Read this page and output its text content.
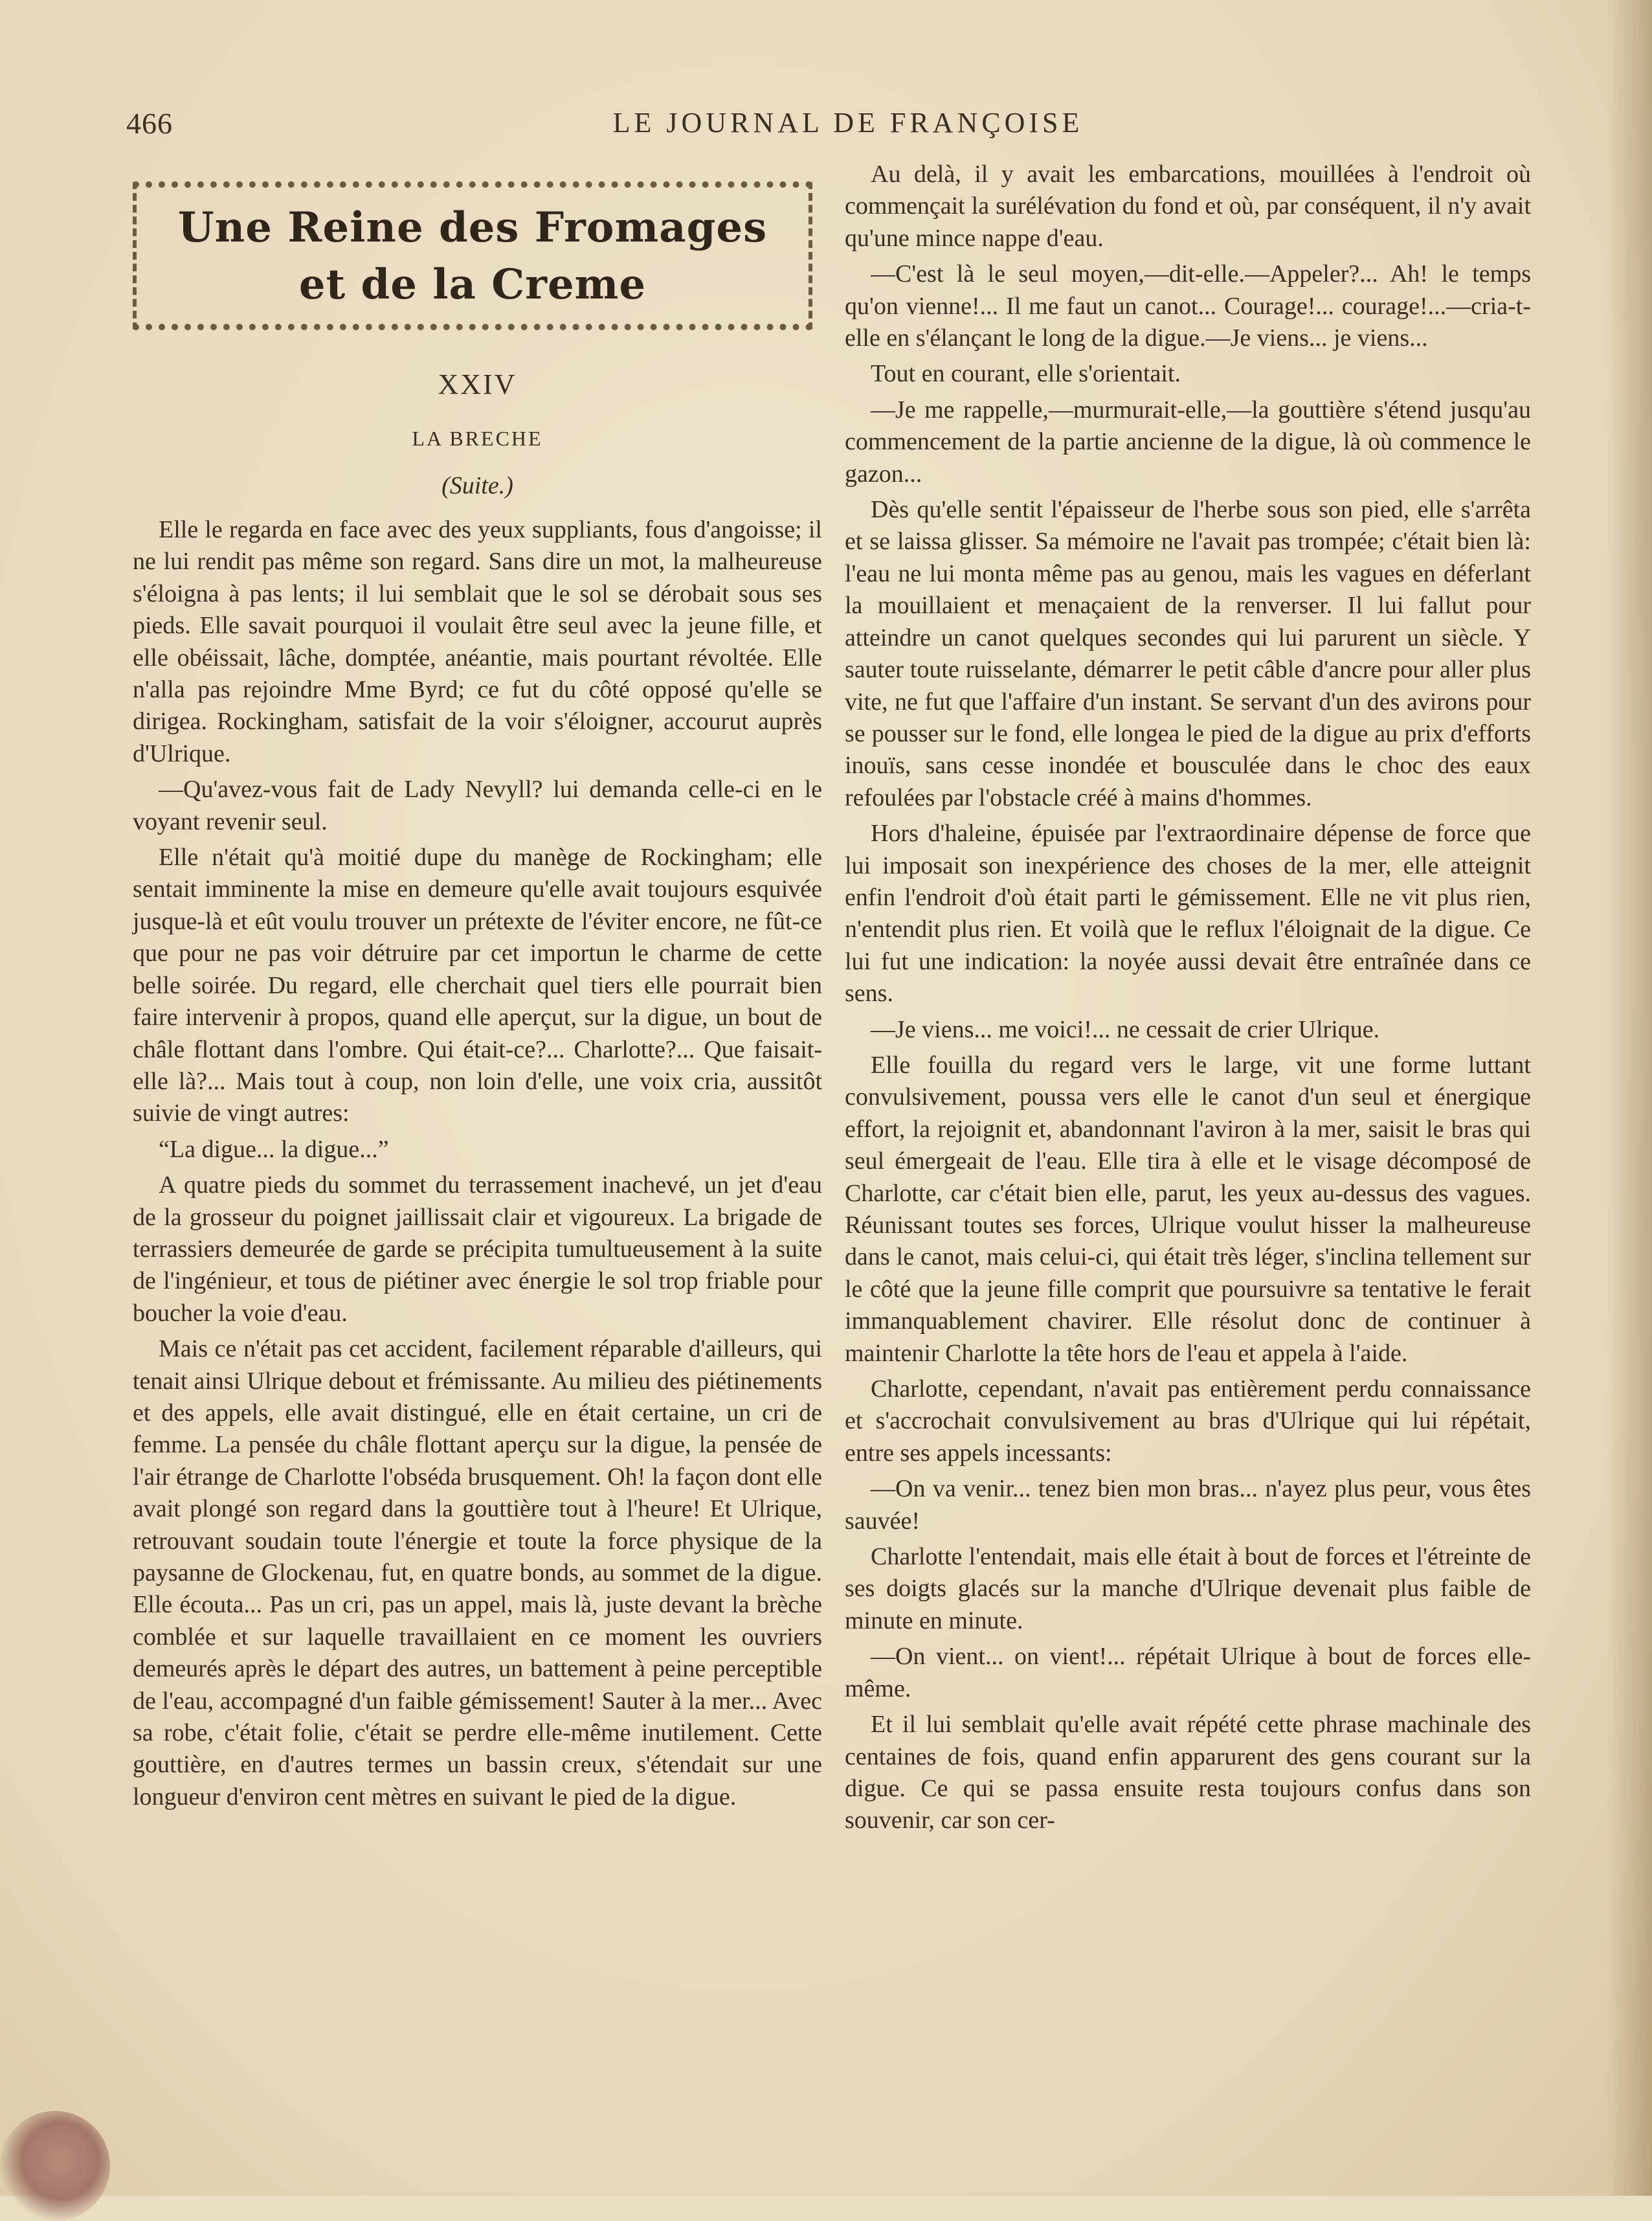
466	LE JOURNAL DE FRANÇOISE
Une Reine des Fromages
et de la Creme
XXIV
LA BRECHE
(Suite.)

Elle le regarda en face avec des yeux suppliants, fous d'angoisse; il ne lui rendit pas même son regard. Sans dire un mot, la malheureuse s'éloigna à pas lents; il lui semblait que le sol se dérobait sous ses pieds. Elle savait pourquoi il voulait être seul avec la jeune fille, et elle obéissait, lâche, domptée, anéantie, mais pourtant révoltée. Elle n'alla pas rejoindre Mme Byrd; ce fut du côté opposé qu'elle se dirigea. Rockingham, satisfait de la voir s'éloigner, accourut auprès d'Ulrique.

—Qu'avez-vous fait de Lady Nevyll? lui demanda celle-ci en le voyant revenir seul.

Elle n'était qu'à moitié dupe du manège de Rockingham; elle sentait imminente la mise en demeure qu'elle avait toujours esquivée jusque-là et eût voulu trouver un prétexte de l'éviter encore, ne fût-ce que pour ne pas voir détruire par cet importun le charme de cette belle soirée. Du regard, elle cherchait quel tiers elle pourrait bien faire intervenir à propos, quand elle aperçut, sur la digue, un bout de châle flottant dans l'ombre. Qui était-ce?... Charlotte?... Que faisait-elle là?... Mais tout à coup, non loin d'elle, une voix cria, aussitôt suivie de vingt autres:

“La digue... la digue...”

A quatre pieds du sommet du terrassement inachevé, un jet d'eau de la grosseur du poignet jaillissait clair et vigoureux. La brigade de terrassiers demeurée de garde se précipita tumultueusement à la suite de l'ingénieur, et tous de piétiner avec énergie le sol trop friable pour boucher la voie d'eau.

Mais ce n'était pas cet accident, facilement réparable d'ailleurs, qui tenait ainsi Ulrique debout et frémissante. Au milieu des piétinements et des appels, elle avait distingué, elle en était certaine, un cri de femme. La pensée du châle flottant aperçu sur la digue, la pensée de l'air étrange de Charlotte l'obséda brusquement. Oh! la façon dont elle avait plongé son regard dans la gouttière tout à l'heure! Et Ulrique, retrouvant soudain toute l'énergie et toute la force physique de la paysanne de Glockenau, fut, en quatre bonds, au sommet de la digue. Elle écouta... Pas un cri, pas un appel, mais là, juste devant la brèche comblée et sur laquelle travaillaient en ce moment les ouvriers demeurés après le départ des autres, un battement à peine perceptible de l'eau, accompagné d'un faible gémissement! Sauter à la mer... Avec sa robe, c'était folie, c'était se perdre elle-même inutilement. Cette gouttière, en d'autres termes un bassin creux, s'étendait sur une longueur d'environ cent mètres en suivant le pied de la digue.

Au delà, il y avait les embarcations, mouillées à l'endroit où commençait la surélévation du fond et où, par conséquent, il n'y avait qu'une mince nappe d'eau.

—C'est là le seul moyen,—dit-elle.—Appeler?... Ah! le temps qu'on vienne!... Il me faut un canot... Courage!... courage!...—cria-t-elle en s'élançant le long de la digue.—Je viens... je viens...

Tout en courant, elle s'orientait.

—Je me rappelle,—murmurait-elle,—la gouttière s'étend jusqu'au commencement de la partie ancienne de la digue, là où commence le gazon...

Dès qu'elle sentit l'épaisseur de l'herbe sous son pied, elle s'arrêta et se laissa glisser. Sa mémoire ne l'avait pas trompée; c'était bien là: l'eau ne lui monta même pas au genou, mais les vagues en déferlant la mouillaient et menaçaient de la renverser. Il lui fallut pour atteindre un canot quelques secondes qui lui parurent un siècle. Y sauter toute ruisselante, démarrer le petit câble d'ancre pour aller plus vite, ne fut que l'affaire d'un instant. Se servant d'un des avirons pour se pousser sur le fond, elle longea le pied de la digue au prix d'efforts inouïs, sans cesse inondée et bousculée dans le choc des eaux refoulées par l'obstacle créé à mains d'hommes.

Hors d'haleine, épuisée par l'extraordinaire dépense de force que lui imposait son inexpérience des choses de la mer, elle atteignit enfin l'endroit d'où était parti le gémissement. Elle ne vit plus rien, n'entendit plus rien. Et voilà que le reflux l'éloignait de la digue. Ce lui fut une indication: la noyée aussi devait être entraînée dans ce sens.

—Je viens... me voici!... ne cessait de crier Ulrique.

Elle fouilla du regard vers le large, vit une forme luttant convulsivement, poussa vers elle le canot d'un seul et énergique effort, la rejoignit et, abandonnant l'aviron à la mer, saisit le bras qui seul émergeait de l'eau. Elle tira à elle et le visage décomposé de Charlotte, car c'était bien elle, parut, les yeux au-dessus des vagues. Réunissant toutes ses forces, Ulrique voulut hisser la malheureuse dans le canot, mais celui-ci, qui était très léger, s'inclina tellement sur le côté que la jeune fille comprit que poursuivre sa tentative le ferait immanquablement chavirer. Elle résolut donc de continuer à maintenir Charlotte la tête hors de l'eau et appela à l'aide.

Charlotte, cependant, n'avait pas entièrement perdu connaissance et s'accrochait convulsivement au bras d'Ulrique qui lui répétait, entre ses appels incessants:

—On va venir... tenez bien mon bras... n'ayez plus peur, vous êtes sauvée!

Charlotte l'entendait, mais elle était à bout de forces et l'étreinte de ses doigts glacés sur la manche d'Ulrique devenait plus faible de minute en minute.

—On vient... on vient!... répétait Ulrique à bout de forces elle-même.

Et il lui semblait qu'elle avait répété cette phrase machinale des centaines de fois, quand enfin apparurent des gens courant sur la digue. Ce qui se passa ensuite resta toujours confus dans son souvenir, car son cer-
